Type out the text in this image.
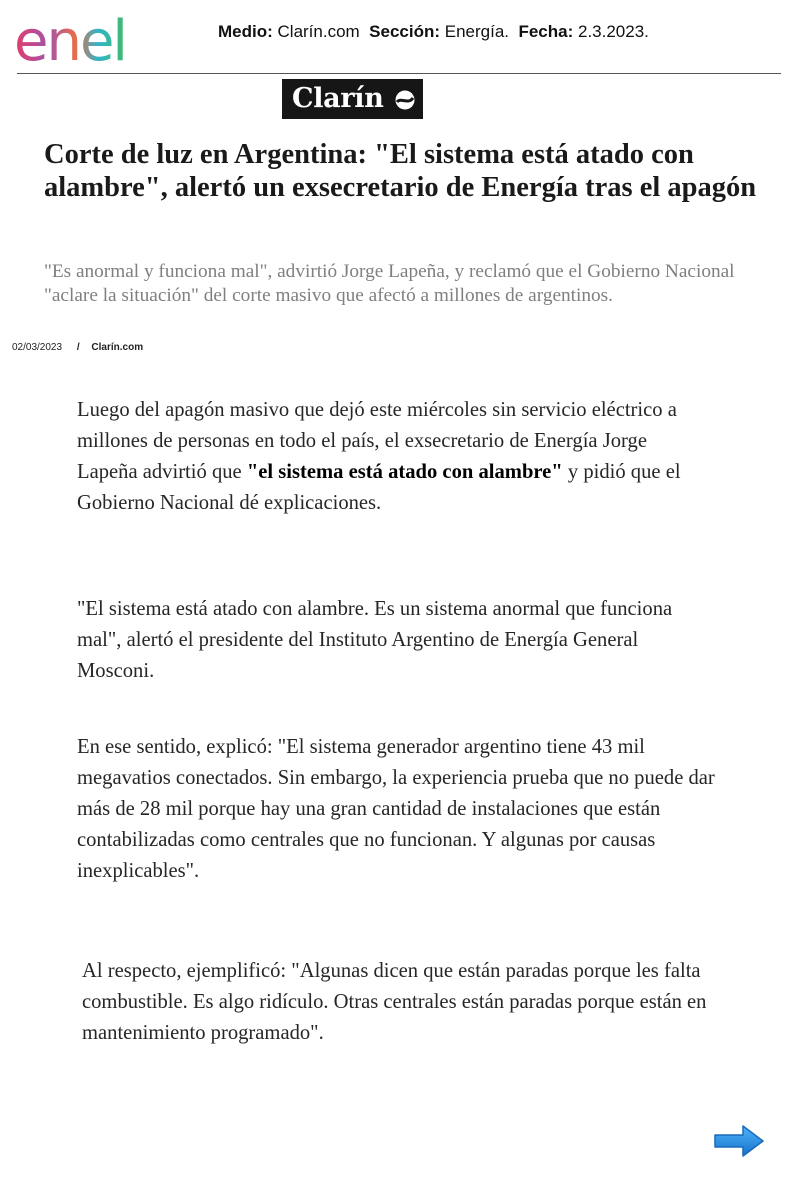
enel	Medio: Clarín.com Sección: Energía. Fecha: 2.3.2023.
Clarín
Corte de luz en Argentina: "El sistema está atado con alambre", alertó un exsecretario de Energía tras el apagón

"Es anormal y funciona mal", advirtió Jorge Lapeña, y reclamó que el Gobierno Nacional "aclare la situación" del corte masivo que afectó a millones de argentinos.

02/03/2023 / Clarín.com

Luego del apagón masivo que dejó este miércoles sin servicio eléctrico a millones de personas en todo el país, el exsecretario de Energía Jorge Lapeña advirtió que "el sistema está atado con alambre" y pidió que el Gobierno Nacional dé explicaciones.

"El sistema está atado con alambre. Es un sistema anormal que funciona mal", alertó el presidente del Instituto Argentino de Energía General Mosconi.

En ese sentido, explicó: "El sistema generador argentino tiene 43 mil megavatios conectados. Sin embargo, la experiencia prueba que no puede dar más de 28 mil porque hay una gran cantidad de instalaciones que están contabilizadas como centrales que no funcionan. Y algunas por causas inexplicables".

Al respecto, ejemplificó: "Algunas dicen que están paradas porque les falta combustible. Es algo ridículo. Otras centrales están paradas porque están en mantenimiento programado".
